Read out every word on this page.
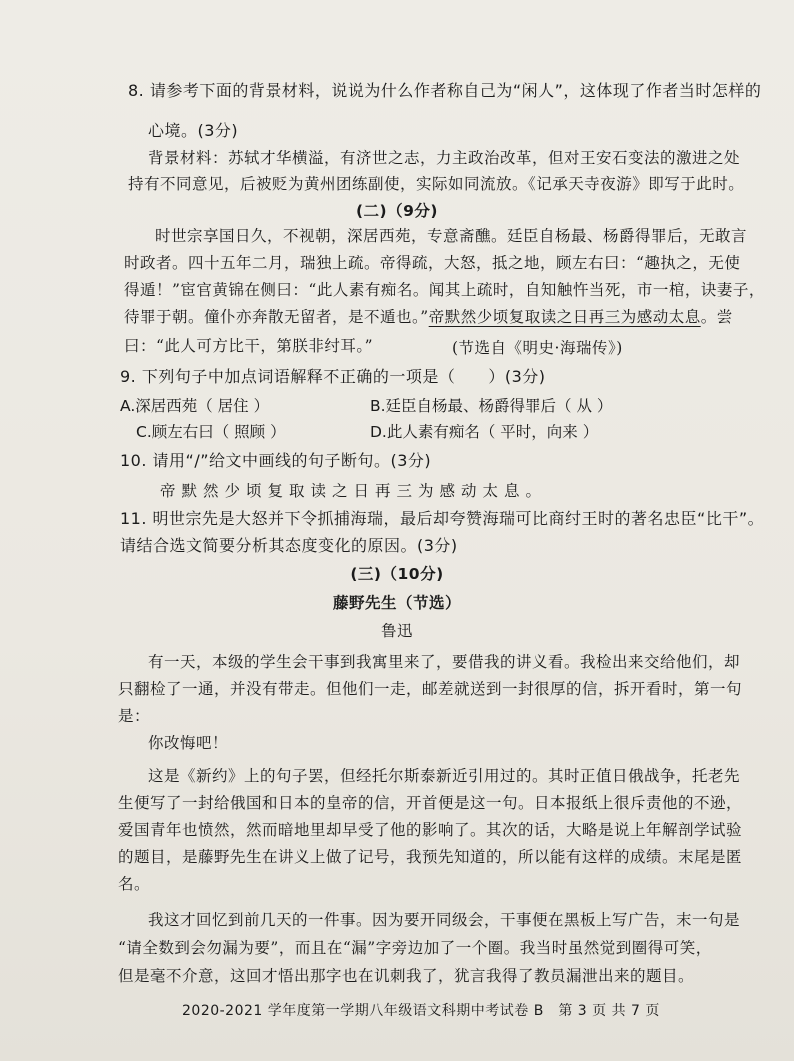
8. 请参考下面的背景材料，说说为什么作者称自己为“闲人”，这体现了作者当时怎样的
心境。(3分)
背景材料：苏轼才华横溢，有济世之志，力主政治改革，但对王安石变法的激进之处
持有不同意见，后被贬为黄州团练副使，实际如同流放。《记承天寺夜游》即写于此时。
(二)（9分)
时世宗享国日久，不视朝，深居西苑，专意斋醮。廷臣自杨最、杨爵得罪后，无敢言
时政者。四十五年二月，瑞独上疏。帝得疏，大怒，抵之地，顾左右曰：“趣执之，无使
得遁！”宦官黄锦在侧曰：“此人素有痴名。闻其上疏时，自知触忤当死，市一棺，诀妻子，
待罪于朝。僮仆亦奔散无留者，是不遁也。”帝默然少顷复取读之日再三为感动太息。尝
曰：“此人可方比干，第朕非纣耳。”	(节选自《明史·海瑞传》)
9. 下列句子中加点词语解释不正确的一项是（　　）(3分)
A.深居西苑（ 居住 ）	B.廷臣自杨最、杨爵得罪后（ 从 ）
C.顾左右曰（ 照顾 ）	D.此人素有痴名（ 平时，向来 ）
10. 请用“/”给文中画线的句子断句。(3分)
帝默然少顷复取读之日再三为感动太息。
11. 明世宗先是大怒并下令抓捕海瑞，最后却夸赞海瑞可比商纣王时的著名忠臣“比干”。
请结合选文简要分析其态度变化的原因。(3分)
(三)（10分)
藤野先生（节选）
鲁迅
有一天，本级的学生会干事到我寓里来了，要借我的讲义看。我检出来交给他们，却
只翻检了一通，并没有带走。但他们一走，邮差就送到一封很厚的信，拆开看时，第一句
是：
你改悔吧！
这是《新约》上的句子罢，但经托尔斯泰新近引用过的。其时正值日俄战争，托老先
生便写了一封给俄国和日本的皇帝的信，开首便是这一句。日本报纸上很斥责他的不逊，
爱国青年也愤然，然而暗地里却早受了他的影响了。其次的话，大略是说上年解剖学试验
的题目，是藤野先生在讲义上做了记号，我预先知道的，所以能有这样的成绩。末尾是匿
名。
我这才回忆到前几天的一件事。因为要开同级会，干事便在黑板上写广告，末一句是
“请全数到会勿漏为要”，而且在“漏”字旁边加了一个圈。我当时虽然觉到圈得可笑，
但是毫不介意，这回才悟出那字也在讥刺我了，犹言我得了教员漏泄出来的题目。
2020-2021 学年度第一学期八年级语文科期中考试卷 B　第 3 页 共 7 页
